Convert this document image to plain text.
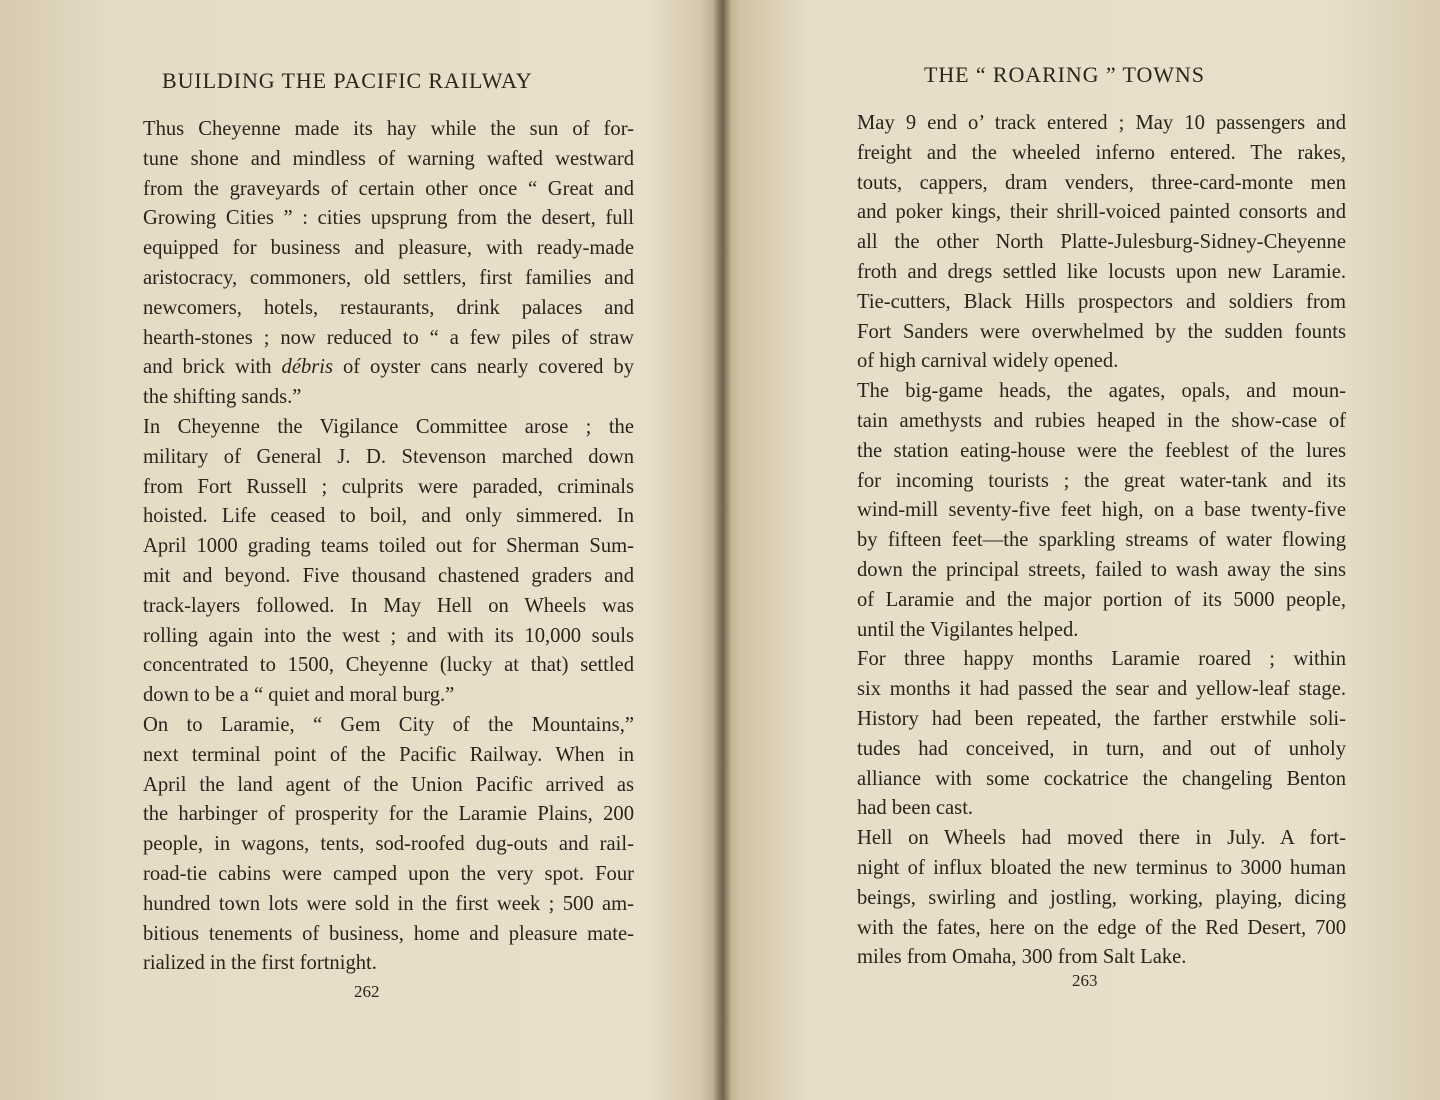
BUILDING THE PACIFIC RAILWAY

Thus Cheyenne made its hay while the sun of for-
tune shone and mindless of warning wafted westward
from the graveyards of certain other once “ Great and
Growing Cities ” : cities upsprung from the desert, full
equipped for business and pleasure, with ready-made
aristocracy, commoners, old settlers, first families and
newcomers, hotels, restaurants, drink palaces and
hearth-stones ; now reduced to “ a few piles of straw
and brick with débris of oyster cans nearly covered by
the shifting sands.”

In Cheyenne the Vigilance Committee arose ; the
military of General J. D. Stevenson marched down
from Fort Russell ; culprits were paraded, criminals
hoisted. Life ceased to boil, and only simmered. In
April 1000 grading teams toiled out for Sherman Sum-
mit and beyond. Five thousand chastened graders and
track-layers followed. In May Hell on Wheels was
rolling again into the west ; and with its 10,000 souls
concentrated to 1500, Cheyenne (lucky at that) settled
down to be a “ quiet and moral burg.”

On to Laramie, “ Gem City of the Mountains,”
next terminal point of the Pacific Railway. When in
April the land agent of the Union Pacific arrived as
the harbinger of prosperity for the Laramie Plains, 200
people, in wagons, tents, sod-roofed dug-outs and rail-
road-tie cabins were camped upon the very spot. Four
hundred town lots were sold in the first week ; 500 am-
bitious tenements of business, home and pleasure mate-
rialized in the first fortnight.

262
THE “ ROARING ” TOWNS

May 9 end o’ track entered ; May 10 passengers and
freight and the wheeled inferno entered. The rakes,
touts, cappers, dram venders, three-card-monte men
and poker kings, their shrill-voiced painted consorts and
all the other North Platte-Julesburg-Sidney-Cheyenne
froth and dregs settled like locusts upon new Laramie.
Tie-cutters, Black Hills prospectors and soldiers from
Fort Sanders were overwhelmed by the sudden founts
of high carnival widely opened.

The big-game heads, the agates, opals, and moun-
tain amethysts and rubies heaped in the show-case of
the station eating-house were the feeblest of the lures
for incoming tourists ; the great water-tank and its
wind-mill seventy-five feet high, on a base twenty-five
by fifteen feet—the sparkling streams of water flowing
down the principal streets, failed to wash away the sins
of Laramie and the major portion of its 5000 people,
until the Vigilantes helped.

For three happy months Laramie roared ; within
six months it had passed the sear and yellow-leaf stage.
History had been repeated, the farther erstwhile soli-
tudes had conceived, in turn, and out of unholy
alliance with some cockatrice the changeling Benton
had been cast.

Hell on Wheels had moved there in July. A fort-
night of influx bloated the new terminus to 3000 human
beings, swirling and jostling, working, playing, dicing
with the fates, here on the edge of the Red Desert, 700
miles from Omaha, 300 from Salt Lake.

263
